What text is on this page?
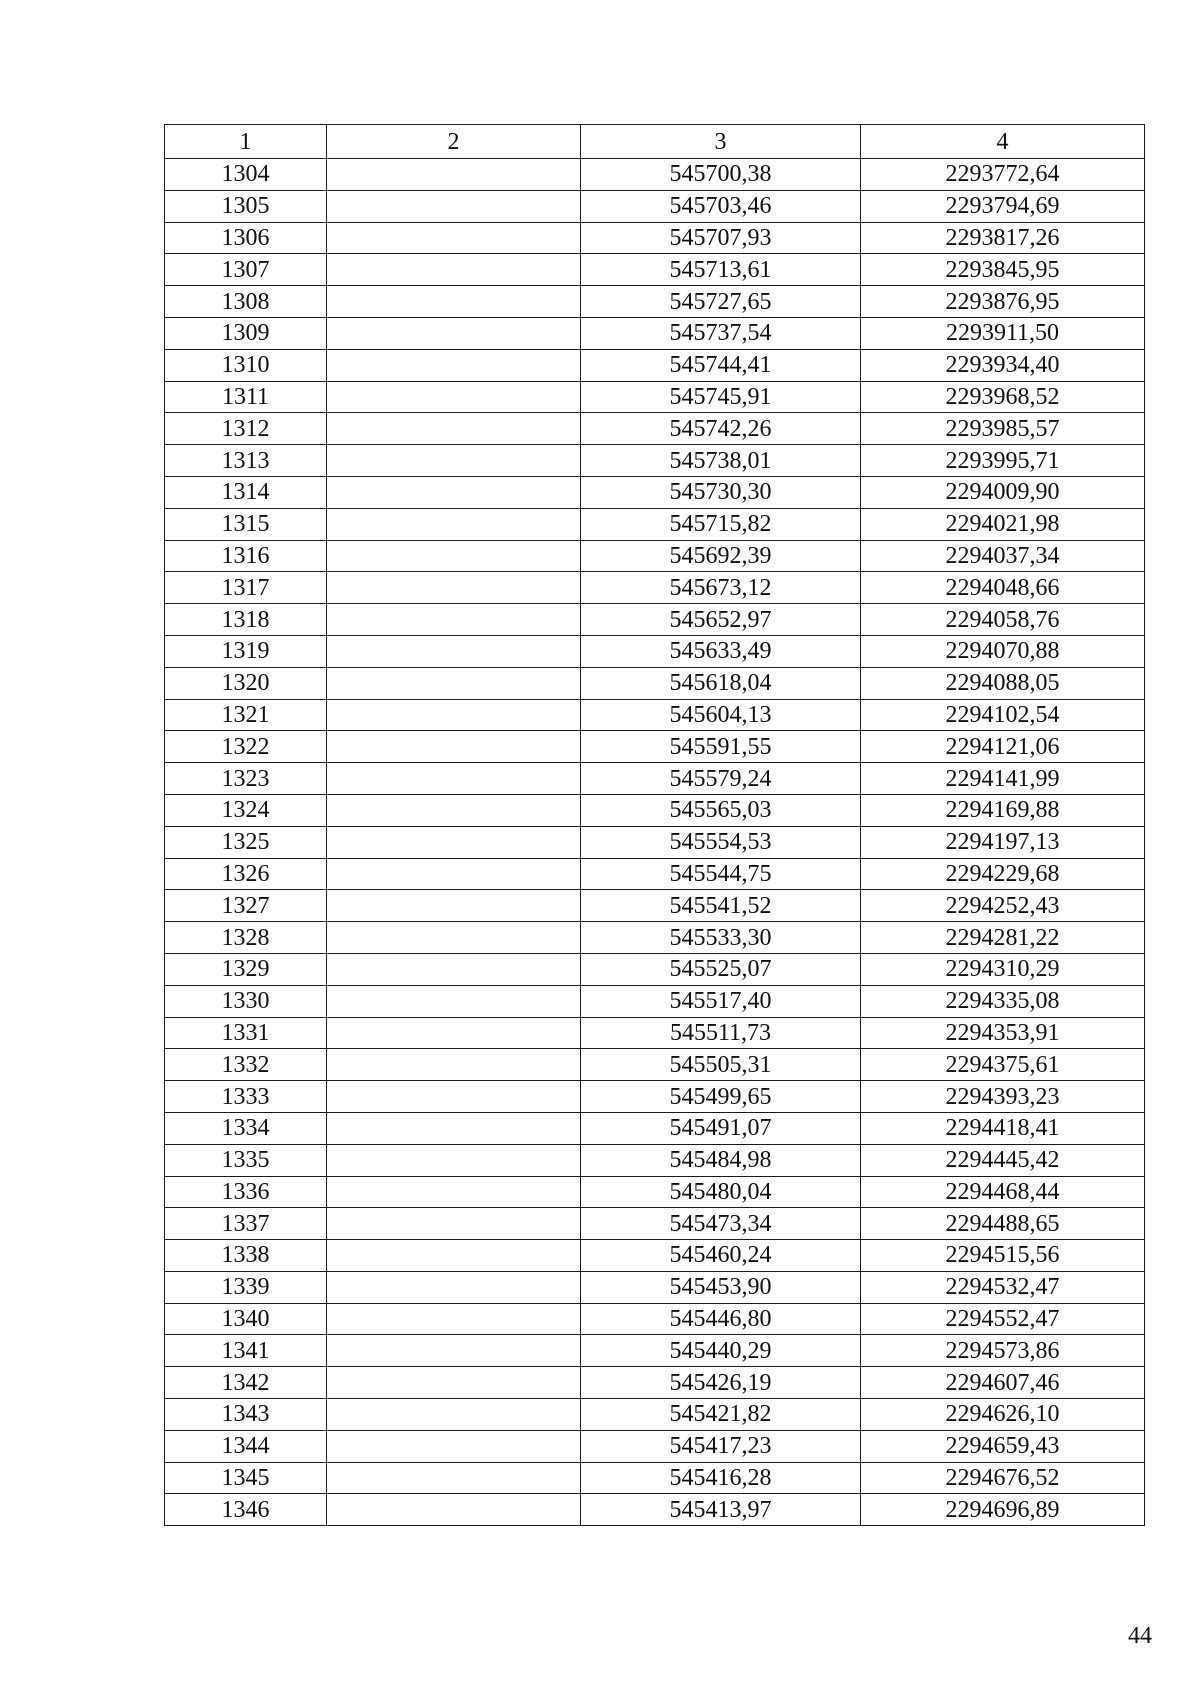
1	2	3	4
1304		545700,38	2293772,64
1305		545703,46	2293794,69
1306		545707,93	2293817,26
1307		545713,61	2293845,95
1308		545727,65	2293876,95
1309		545737,54	2293911,50
1310		545744,41	2293934,40
1311		545745,91	2293968,52
1312		545742,26	2293985,57
1313		545738,01	2293995,71
1314		545730,30	2294009,90
1315		545715,82	2294021,98
1316		545692,39	2294037,34
1317		545673,12	2294048,66
1318		545652,97	2294058,76
1319		545633,49	2294070,88
1320		545618,04	2294088,05
1321		545604,13	2294102,54
1322		545591,55	2294121,06
1323		545579,24	2294141,99
1324		545565,03	2294169,88
1325		545554,53	2294197,13
1326		545544,75	2294229,68
1327		545541,52	2294252,43
1328		545533,30	2294281,22
1329		545525,07	2294310,29
1330		545517,40	2294335,08
1331		545511,73	2294353,91
1332		545505,31	2294375,61
1333		545499,65	2294393,23
1334		545491,07	2294418,41
1335		545484,98	2294445,42
1336		545480,04	2294468,44
1337		545473,34	2294488,65
1338		545460,24	2294515,56
1339		545453,90	2294532,47
1340		545446,80	2294552,47
1341		545440,29	2294573,86
1342		545426,19	2294607,46
1343		545421,82	2294626,10
1344		545417,23	2294659,43
1345		545416,28	2294676,52
1346		545413,97	2294696,89
44
